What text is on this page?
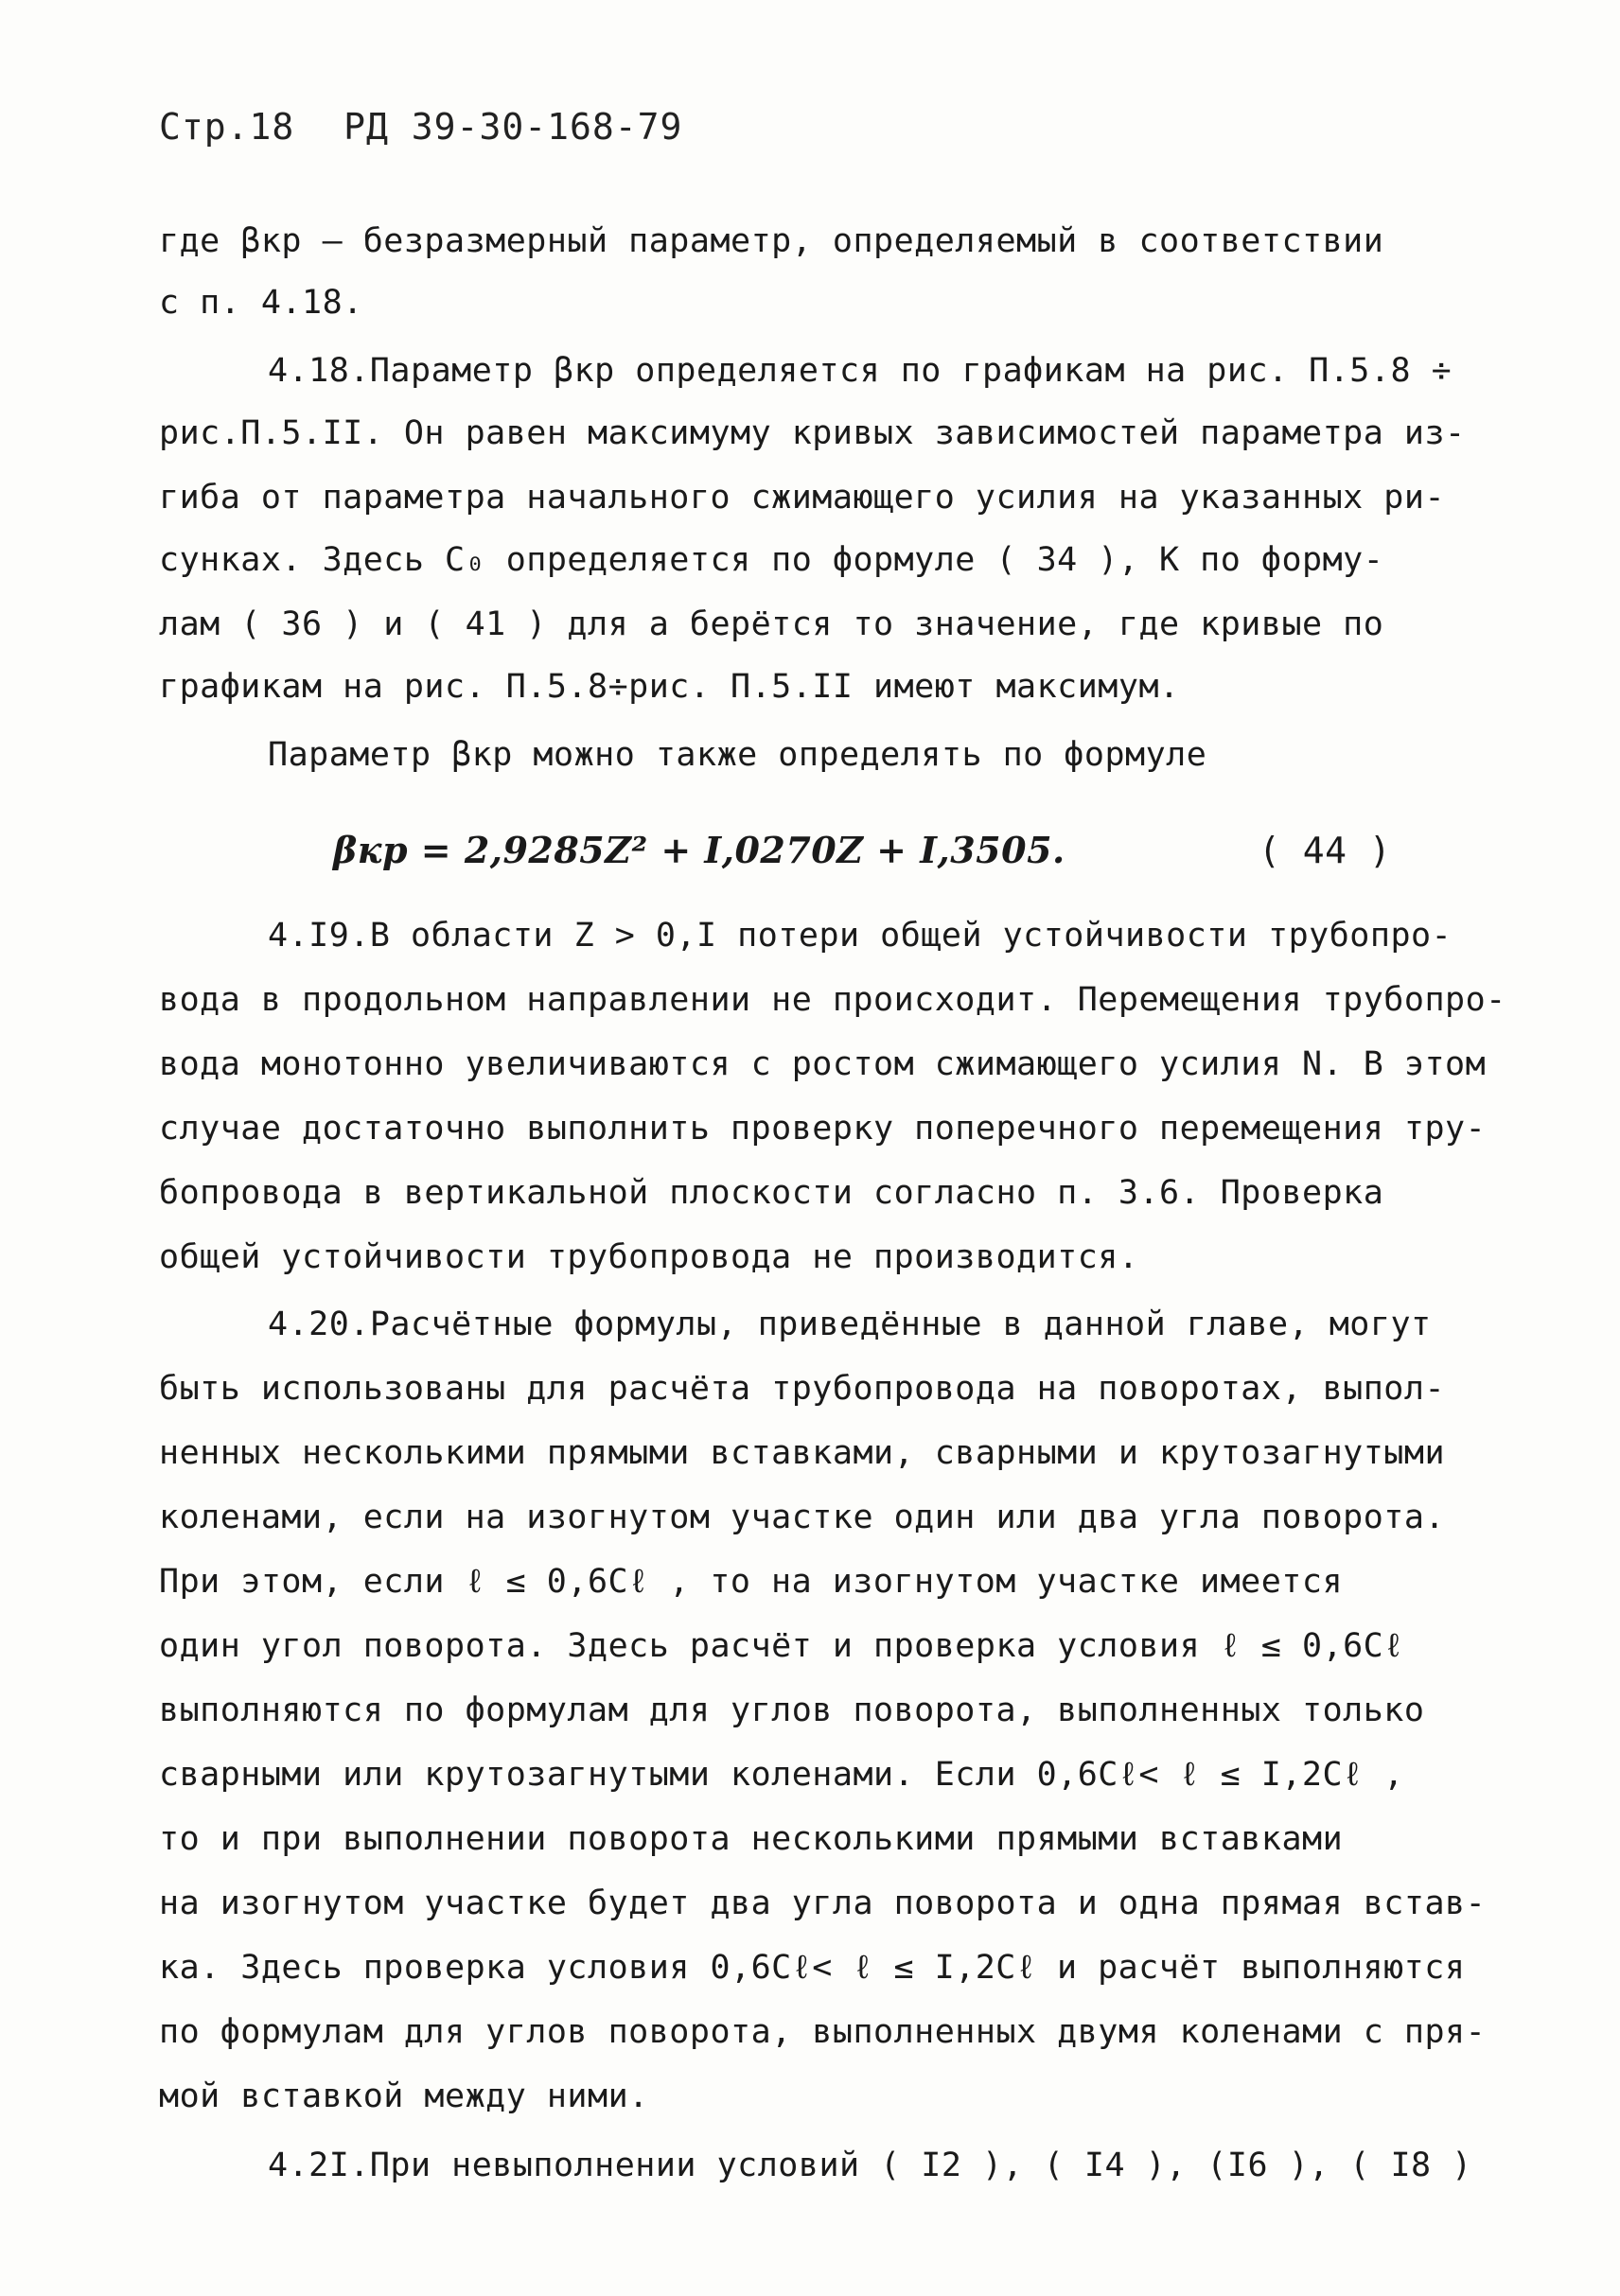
Стр.18 РД 39-30-168-79
где βкр – безразмерный параметр, определяемый в соответствии
с п. 4.18.
4.18.Параметр βкр определяется по графикам на рис. П.5.8 ÷
рис.П.5.II. Он равен максимуму кривых зависимостей параметра из-
гиба от параметра начального сжимающего усилия на указанных ри-
сунках. Здесь C₀ определяется по формуле ( 34 ), K по форму-
лам ( 36 ) и ( 41 ) для a берётся то значение, где кривые по
графикам на рис. П.5.8÷рис. П.5.II имеют максимум.
Параметр βкр можно также определять по формуле
βкр = 2,9285Z² + I,0270Z + I,3505.	( 44 )
4.I9.В области Z > 0,I потери общей устойчивости трубопро-
вода в продольном направлении не происходит. Перемещения трубопро-
вода монотонно увеличиваются с ростом сжимающего усилия N. В этом
случае достаточно выполнить проверку поперечного перемещения тру-
бопровода в вертикальной плоскости согласно п. 3.6. Проверка
общей устойчивости трубопровода не производится.
4.20.Расчётные формулы, приведённые в данной главе, могут
быть использованы для расчёта трубопровода на поворотах, выпол-
ненных несколькими прямыми вставками, сварными и крутозагнутыми
коленами, если на изогнутом участке один или два угла поворота.
При этом, если ℓ ≤ 0,6Cℓ , то на изогнутом участке имеется
один угол поворота. Здесь расчёт и проверка условия ℓ ≤ 0,6Cℓ
выполняются по формулам для углов поворота, выполненных только
сварными или крутозагнутыми коленами. Если 0,6Cℓ< ℓ ≤ I,2Cℓ ,
то и при выполнении поворота несколькими прямыми вставками
на изогнутом участке будет два угла поворота и одна прямая встав-
ка. Здесь проверка условия 0,6Cℓ< ℓ ≤ I,2Cℓ и расчёт выполняются
по формулам для углов поворота, выполненных двумя коленами с пря-
мой вставкой между ними.
4.2I.При невыполнении условий ( I2 ), ( I4 ), (I6 ), ( I8 )
